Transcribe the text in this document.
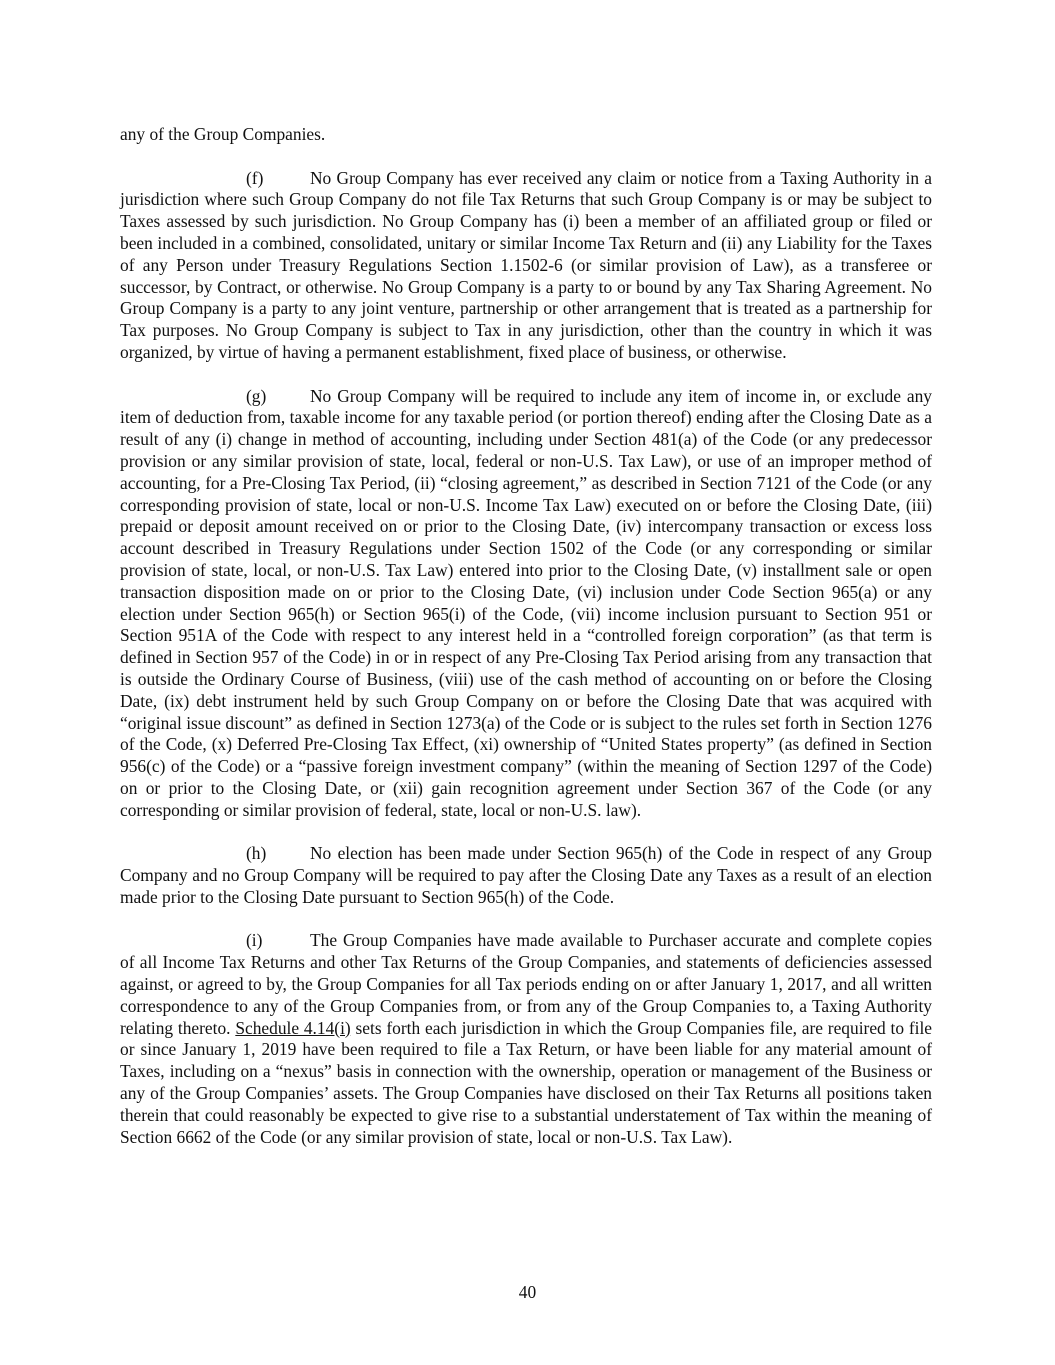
any of the Group Companies.

(f)	No Group Company has ever received any claim or notice from a Taxing Authority in a jurisdiction where such Group Company do not file Tax Returns that such Group Company is or may be subject to Taxes assessed by such jurisdiction. No Group Company has (i) been a member of an affiliated group or filed or been included in a combined, consolidated, unitary or similar Income Tax Return and (ii) any Liability for the Taxes of any Person under Treasury Regulations Section 1.1502-6 (or similar provision of Law), as a transferee or successor, by Contract, or otherwise. No Group Company is a party to or bound by any Tax Sharing Agreement. No Group Company is a party to any joint venture, partnership or other arrangement that is treated as a partnership for Tax purposes. No Group Company is subject to Tax in any jurisdiction, other than the country in which it was organized, by virtue of having a permanent establishment, fixed place of business, or otherwise.

(g)	No Group Company will be required to include any item of income in, or exclude any item of deduction from, taxable income for any taxable period (or portion thereof) ending after the Closing Date as a result of any (i) change in method of accounting, including under Section 481(a) of the Code (or any predecessor provision or any similar provision of state, local, federal or non-U.S. Tax Law), or use of an improper method of accounting, for a Pre-Closing Tax Period, (ii) “closing agreement,” as described in Section 7121 of the Code (or any corresponding provision of state, local or non-U.S. Income Tax Law) executed on or before the Closing Date, (iii) prepaid or deposit amount received on or prior to the Closing Date, (iv) intercompany transaction or excess loss account described in Treasury Regulations under Section 1502 of the Code (or any corresponding or similar provision of state, local, or non-U.S. Tax Law) entered into prior to the Closing Date, (v) installment sale or open transaction disposition made on or prior to the Closing Date, (vi) inclusion under Code Section 965(a) or any election under Section 965(h) or Section 965(i) of the Code, (vii) income inclusion pursuant to Section 951 or Section 951A of the Code with respect to any interest held in a “controlled foreign corporation” (as that term is defined in Section 957 of the Code) in or in respect of any Pre-Closing Tax Period arising from any transaction that is outside the Ordinary Course of Business, (viii) use of the cash method of accounting on or before the Closing Date, (ix) debt instrument held by such Group Company on or before the Closing Date that was acquired with “original issue discount” as defined in Section 1273(a) of the Code or is subject to the rules set forth in Section 1276 of the Code, (x) Deferred Pre-Closing Tax Effect, (xi) ownership of “United States property” (as defined in Section 956(c) of the Code) or a “passive foreign investment company” (within the meaning of Section 1297 of the Code) on or prior to the Closing Date, or (xii) gain recognition agreement under Section 367 of the Code (or any corresponding or similar provision of federal, state, local or non-U.S. law).

(h)	No election has been made under Section 965(h) of the Code in respect of any Group Company and no Group Company will be required to pay after the Closing Date any Taxes as a result of an election made prior to the Closing Date pursuant to Section 965(h) of the Code.

(i)	The Group Companies have made available to Purchaser accurate and complete copies of all Income Tax Returns and other Tax Returns of the Group Companies, and statements of deficiencies assessed against, or agreed to by, the Group Companies for all Tax periods ending on or after January 1, 2017, and all written correspondence to any of the Group Companies from, or from any of the Group Companies to, a Taxing Authority relating thereto. Schedule 4.14(i) sets forth each jurisdiction in which the Group Companies file, are required to file or since January 1, 2019 have been required to file a Tax Return, or have been liable for any material amount of Taxes, including on a “nexus” basis in connection with the ownership, operation or management of the Business or any of the Group Companies’ assets. The Group Companies have disclosed on their Tax Returns all positions taken therein that could reasonably be expected to give rise to a substantial understatement of Tax within the meaning of Section 6662 of the Code (or any similar provision of state, local or non-U.S. Tax Law).

40
